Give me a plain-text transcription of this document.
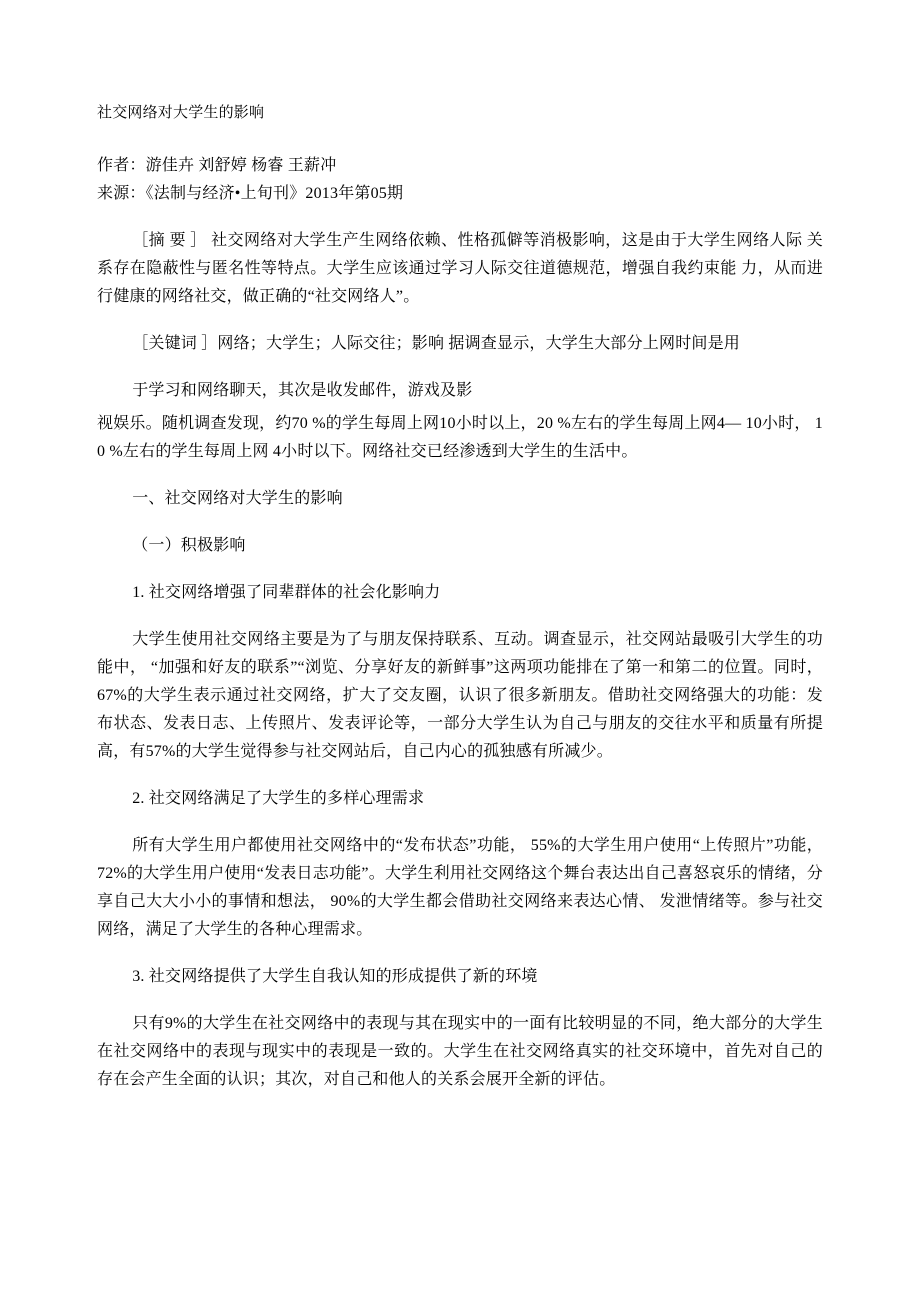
社交网络对大学生的影响

作者：游佳卉 刘舒婷 杨睿 王薪冲

来源：《法制与经济•上旬刊》2013年第05期

［摘 要 ］ 社交网络对大学生产生网络依赖、性格孤僻等消极影响，这是由于大学生网络人际 关系存在隐蔽性与匿名性等特点。大学生应该通过学习人际交往道德规范，增强自我约束能 力，从而进行健康的网络社交，做正确的“社交网络人”。

［关键词 ］网络；大学生；人际交往；影响 据调查显示，大学生大部分上网时间是用

于学习和网络聊天，其次是收发邮件，游戏及影

视娱乐。随机调查发现，约70 %的学生每周上网10小时以上，20 %左右的学生每周上网4— 10小时， 10 %左右的学生每周上网 4小时以下。网络社交已经渗透到大学生的生活中。

一、社交网络对大学生的影响

（一）积极影响

1. 社交网络增强了同辈群体的社会化影响力

大学生使用社交网络主要是为了与朋友保持联系、互动。调查显示，社交网站最吸引大学生的功能中， “加强和好友的联系”“浏览、分享好友的新鲜事”这两项功能排在了第一和第二的位置。同时， 67%的大学生表示通过社交网络，扩大了交友圈，认识了很多新朋友。借助社交网络强大的功能：发布状态、发表日志、上传照片、发表评论等，一部分大学生认为自己与朋友的交往水平和质量有所提高，有57%的大学生觉得参与社交网站后，自己内心的孤独感有所减少。

2. 社交网络满足了大学生的多样心理需求

所有大学生用户都使用社交网络中的“发布状态”功能， 55%的大学生用户使用“上传照片”功能， 72%的大学生用户使用“发表日志功能”。大学生利用社交网络这个舞台表达出自己喜怒哀乐的情绪，分享自己大大小小的事情和想法， 90%的大学生都会借助社交网络来表达心情、 发泄情绪等。参与社交网络，满足了大学生的各种心理需求。

3. 社交网络提供了大学生自我认知的形成提供了新的环境

只有9%的大学生在社交网络中的表现与其在现实中的一面有比较明显的不同，绝大部分的大学生在社交网络中的表现与现实中的表现是一致的。大学生在社交网络真实的社交环境中，首先对自己的存在会产生全面的认识；其次，对自己和他人的关系会展开全新的评估。
